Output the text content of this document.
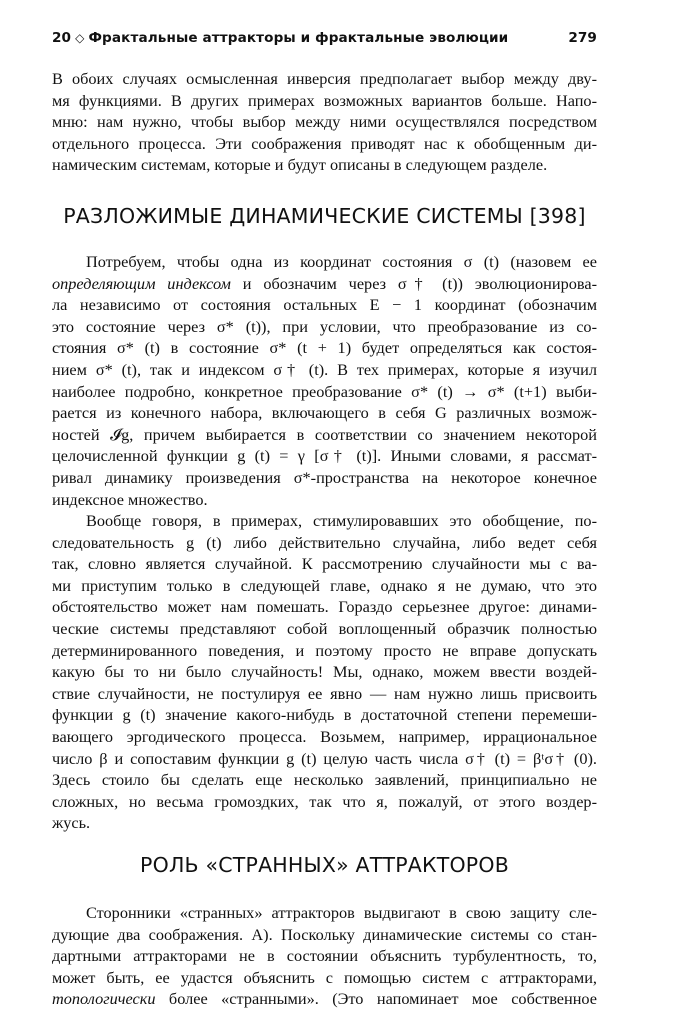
20 ◇ Фрактальные аттракторы и фрактальные эволюции	279

В обоих случаях осмысленная инверсия предполагает выбор между дву-
мя функциями. В других примерах возможных вариантов больше. Напо-
мню: нам нужно, чтобы выбор между ними осуществлялся посредством
отдельного процесса. Эти соображения приводят нас к обобщенным ди-
намическим системам, которые и будут описаны в следующем разделе.

РАЗЛОЖИМЫЕ ДИНАМИЧЕСКИЕ СИСТЕМЫ [398]

Потребуем, чтобы одна из координат состояния σ (t) (назовем ее
определяющим индексом и обозначим через σ† (t)) эволюционирова-
ла независимо от состояния остальных E − 1 координат (обозначим
это состояние через σ* (t)), при условии, что преобразование из со-
стояния σ* (t) в состояние σ* (t + 1) будет определяться как состоя-
нием σ* (t), так и индексом σ† (t). В тех примерах, которые я изучил
наиболее подробно, конкретное преобразование σ* (t) → σ* (t+1) выби-
рается из конечного набора, включающего в себя G различных возмож-
ностей 𝓘g, причем выбирается в соответствии со значением некоторой
целочисленной функции g (t) = γ [σ† (t)]. Иными словами, я рассмат-
ривал динамику произведения σ*-пространства на некоторое конечное
индексное множество.

Вообще говоря, в примерах, стимулировавших это обобщение, по-
следовательность g (t) либо действительно случайна, либо ведет себя
так, словно является случайной. К рассмотрению случайности мы с ва-
ми приступим только в следующей главе, однако я не думаю, что это
обстоятельство может нам помешать. Гораздо серьезнее другое: динами-
ческие системы представляют собой воплощенный образчик полностью
детерминированного поведения, и поэтому просто не вправе допускать
какую бы то ни было случайность! Мы, однако, можем ввести воздей-
ствие случайности, не постулируя ее явно — нам нужно лишь присвоить
функции g (t) значение какого-нибудь в достаточной степени перемеши-
вающего эргодического процесса. Возьмем, например, иррациональное
число β и сопоставим функции g (t) целую часть числа σ† (t) = βᵗσ† (0).
Здесь стоило бы сделать еще несколько заявлений, принципиально не
сложных, но весьма громоздких, так что я, пожалуй, от этого воздер-
жусь.

РОЛЬ «СТРАННЫХ» АТТРАКТОРОВ

Сторонники «странных» аттракторов выдвигают в свою защиту сле-
дующие два соображения. А). Поскольку динамические системы со стан-
дартными аттракторами не в состоянии объяснить турбулентность, то,
может быть, ее удастся объяснить с помощью систем с аттракторами,
топологически более «странными». (Это напоминает мое собственное
